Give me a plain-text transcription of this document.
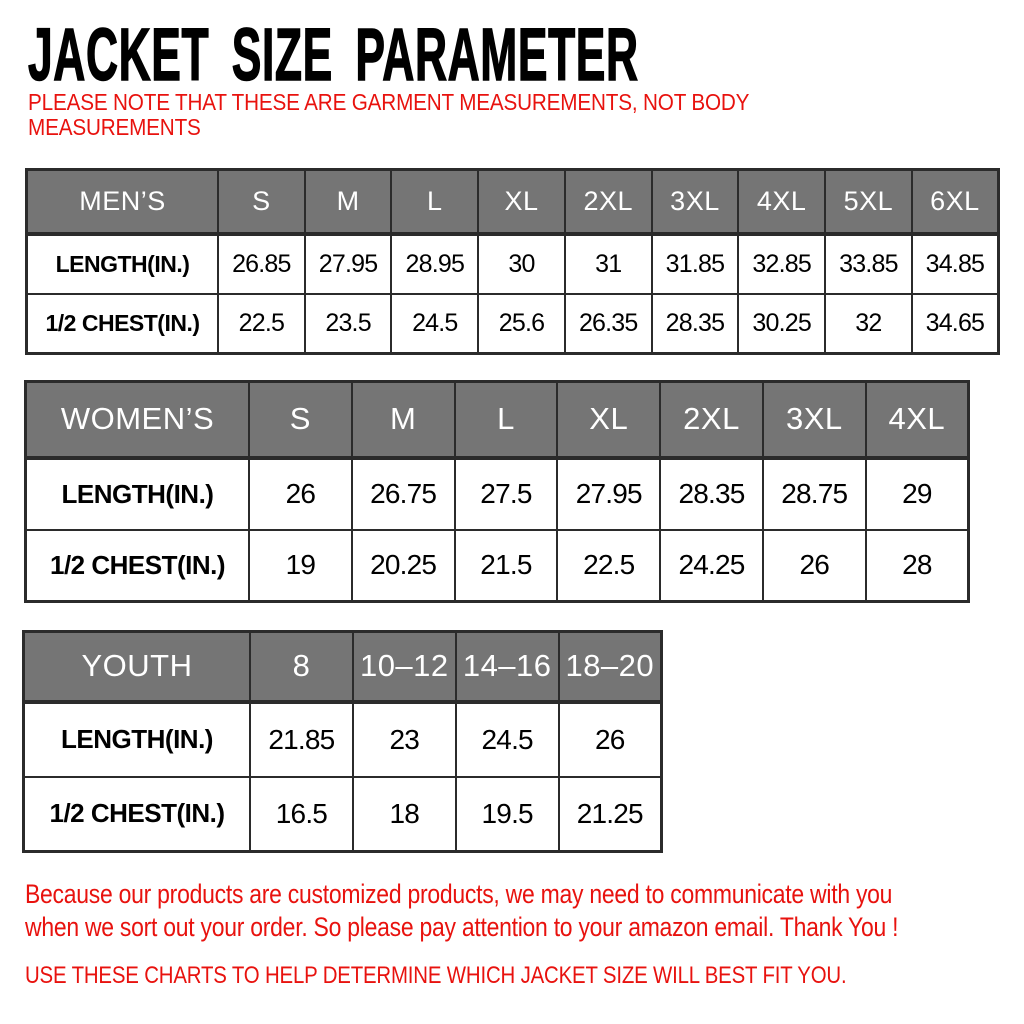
JACKET SIZE PARAMETER
PLEASE NOTE THAT THESE ARE GARMENT MEASUREMENTS, NOT BODY
MEASUREMENTS
MEN’S	S	M	L	XL	2XL	3XL	4XL	5XL	6XL
LENGTH(IN.)	26.85	27.95	28.95	30	31	31.85	32.85	33.85	34.85
1/2 CHEST(IN.)	22.5	23.5	24.5	25.6	26.35	28.35	30.25	32	34.65
WOMEN’S	S	M	L	XL	2XL	3XL	4XL
LENGTH(IN.)	26	26.75	27.5	27.95	28.35	28.75	29
1/2 CHEST(IN.)	19	20.25	21.5	22.5	24.25	26	28
YOUTH	8	10–12	14–16	18–20
LENGTH(IN.)	21.85	23	24.5	26
1/2 CHEST(IN.)	16.5	18	19.5	21.25
Because our products are customized products, we may need to communicate with you
when we sort out your order. So please pay attention to your amazon email. Thank You !
USE THESE CHARTS TO HELP DETERMINE WHICH JACKET SIZE WILL BEST FIT YOU.
